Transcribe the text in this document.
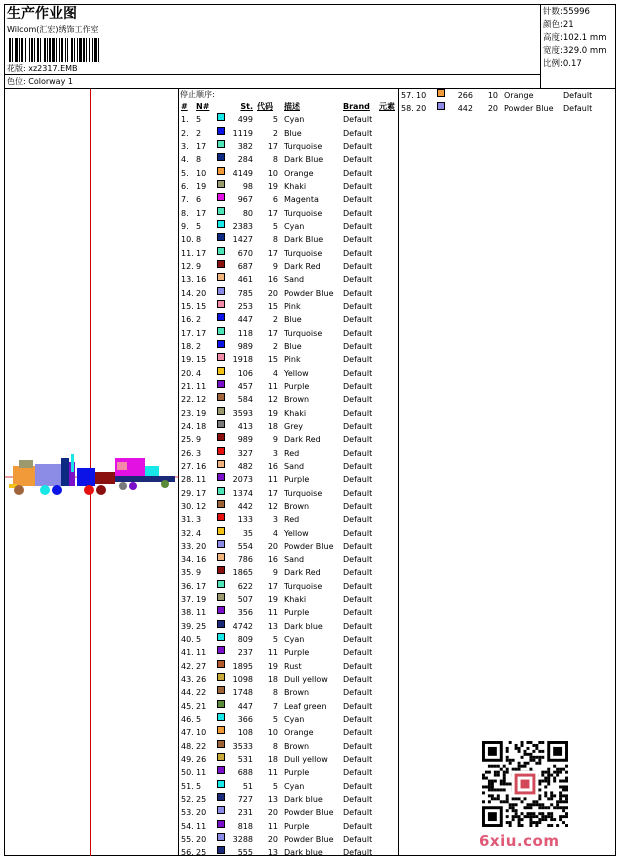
生产作业图
Wilcom(汇宏)绣饰工作室
花版: xz2317.EMB
色位: Colorway 1
针数:55996
颜色:21
高度:102.1 mm
宽度:329.0 mm
比例:0.17
停止顺序:
# N#	St. 代码	描述	Brand 元素
1. 5	499	5 Cyan	Default
2. 2	1119	2 Blue	Default
3. 17	382	17 Turquoise	Default
4. 8	284	8 Dark Blue Default
5. 10	4149	10 Orange	Default
6. 19	98	19 Khaki	Default
7. 6	967	6 Magenta	Default
8. 17	80	17 Turquoise	Default
9. 5	2383	5 Cyan	Default
10. 8	1427	8 Dark Blue Default
11. 17	670	17 Turquoise	Default
12. 9	687	9 Dark Red	Default
13. 16	461	16 Sand	Default
14. 20	785	20 Powder Blue Default
15. 15	253	15 Pink	Default
16. 2	447	2 Blue	Default
17. 17	118	17 Turquoise	Default
18. 2	989	2 Blue	Default
19. 15	1918	15 Pink	Default
20. 4	106	4 Yellow	Default
21. 11	457	11 Purple	Default
22. 12	584	12 Brown	Default
23. 19	3593	19 Khaki	Default
24. 18	413	18 Grey	Default
25. 9	989	9 Dark Red	Default
26. 3	327	3 Red	Default
27. 16	482	16 Sand	Default
28. 11	2073	11 Purple	Default
29. 17	1374	17 Turquoise	Default
30. 12	442	12 Brown	Default
31. 3	133	3 Red	Default
32. 4	35	4 Yellow	Default
33. 20	554	20 Powder Blue Default
34. 16	786	16 Sand	Default
35. 9	1865	9 Dark Red	Default
36. 17	622	17 Turquoise	Default
37. 19	507	19 Khaki	Default
38. 11	356	11 Purple	Default
39. 25	4742	13 Dark blue	Default
40. 5	809	5 Cyan	Default
41. 11	237	11 Purple	Default
42. 27	1895	19 Rust	Default
43. 26	1098	18 Dull yellow Default
44. 22	1748	8 Brown	Default
45. 21	447	7 Leaf green Default
46. 5	366	5 Cyan	Default
47. 10	108	10 Orange	Default
48. 22	3533	8 Brown	Default
49. 26	531	18 Dull yellow Default
50. 11	688	11 Purple	Default
51. 5	51	5 Cyan	Default
52. 25	727	13 Dark blue	Default
53. 20	231	20 Powder Blue Default
54. 11	818	11 Purple	Default
55. 20	3288	20 Powder Blue Default
56. 25	555	13 Dark blue	Default
57. 10	266	10 Orange	Default
58. 20	442	20 Powder Blue Default
6xiu.com
